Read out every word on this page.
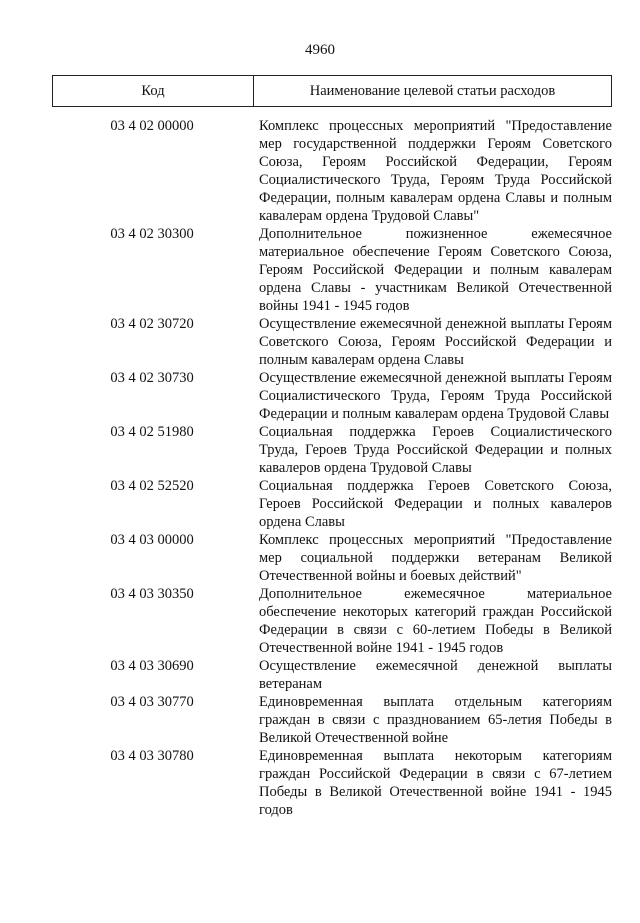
4960
Код	Наименование целевой статьи расходов
03 4 02 00000	Комплекс процессных мероприятий "Предоставление мер государственной поддержки Героям Советского Союза, Героям Российской Федерации, Героям Социалистического Труда, Героям Труда Российской Федерации, полным кавалерам ордена Славы и полным кавалерам ордена Трудовой Славы"
03 4 02 30300	Дополнительное пожизненное ежемесячное материальное обеспечение Героям Советского Союза, Героям Российской Федерации и полным кавалерам ордена Славы - участникам Великой Отечественной войны 1941 - 1945 годов
03 4 02 30720	Осуществление ежемесячной денежной выплаты Героям Советского Союза, Героям Российской Федерации и полным кавалерам ордена Славы
03 4 02 30730	Осуществление ежемесячной денежной выплаты Героям Социалистического Труда, Героям Труда Российской Федерации и полным кавалерам ордена Трудовой Славы
03 4 02 51980	Социальная поддержка Героев Социалистического Труда, Героев Труда Российской Федерации и полных кавалеров ордена Трудовой Славы
03 4 02 52520	Социальная поддержка Героев Советского Союза, Героев Российской Федерации и полных кавалеров ордена Славы
03 4 03 00000	Комплекс процессных мероприятий "Предоставление мер социальной поддержки ветеранам Великой Отечественной войны и боевых действий"
03 4 03 30350	Дополнительное ежемесячное материальное обеспечение некоторых категорий граждан Российской Федерации в связи с 60-летием Победы в Великой Отечественной войне 1941 - 1945 годов
03 4 03 30690	Осуществление ежемесячной денежной выплаты ветеранам
03 4 03 30770	Единовременная выплата отдельным категориям граждан в связи с празднованием 65-летия Победы в Великой Отечественной войне
03 4 03 30780	Единовременная выплата некоторым категориям граждан Российской Федерации в связи с 67-летием Победы в Великой Отечественной войне 1941 - 1945 годов
